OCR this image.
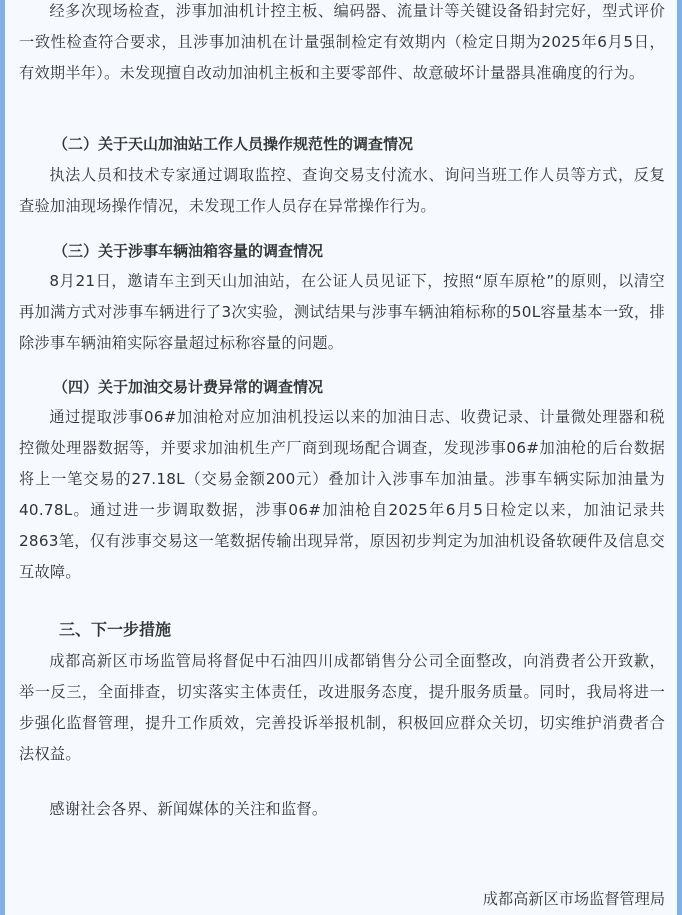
经多次现场检查，涉事加油机计控主板、编码器、流量计等关键设备铅封完好，型式评价一致性检查符合要求，且涉事加油机在计量强制检定有效期内（检定日期为2025年6月5日，有效期半年）。未发现擅自改动加油机主板和主要零部件、故意破坏计量器具准确度的行为。

（二）关于天山加油站工作人员操作规范性的调查情况

执法人员和技术专家通过调取监控、查询交易支付流水、询问当班工作人员等方式，反复查验加油现场操作情况，未发现工作人员存在异常操作行为。

（三）关于涉事车辆油箱容量的调查情况

8月21日，邀请车主到天山加油站，在公证人员见证下，按照“原车原枪”的原则，以清空再加满方式对涉事车辆进行了3次实验，测试结果与涉事车辆油箱标称的50L容量基本一致，排除涉事车辆油箱实际容量超过标称容量的问题。

（四）关于加油交易计费异常的调查情况

通过提取涉事06#加油枪对应加油机投运以来的加油日志、收费记录、计量微处理器和税控微处理器数据等，并要求加油机生产厂商到现场配合调查，发现涉事06#加油枪的后台数据将上一笔交易的27.18L（交易金额200元）叠加计入涉事车加油量。涉事车辆实际加油量为40.78L。通过进一步调取数据，涉事06#加油枪自2025年6月5日检定以来，加油记录共2863笔，仅有涉事交易这一笔数据传输出现异常，原因初步判定为加油机设备软硬件及信息交互故障。

三、下一步措施

成都高新区市场监管局将督促中石油四川成都销售分公司全面整改，向消费者公开致歉，举一反三，全面排查，切实落实主体责任，改进服务态度，提升服务质量。同时，我局将进一步强化监督管理，提升工作质效，完善投诉举报机制，积极回应群众关切，切实维护消费者合法权益。

感谢社会各界、新闻媒体的关注和监督。

成都高新区市场监督管理局
